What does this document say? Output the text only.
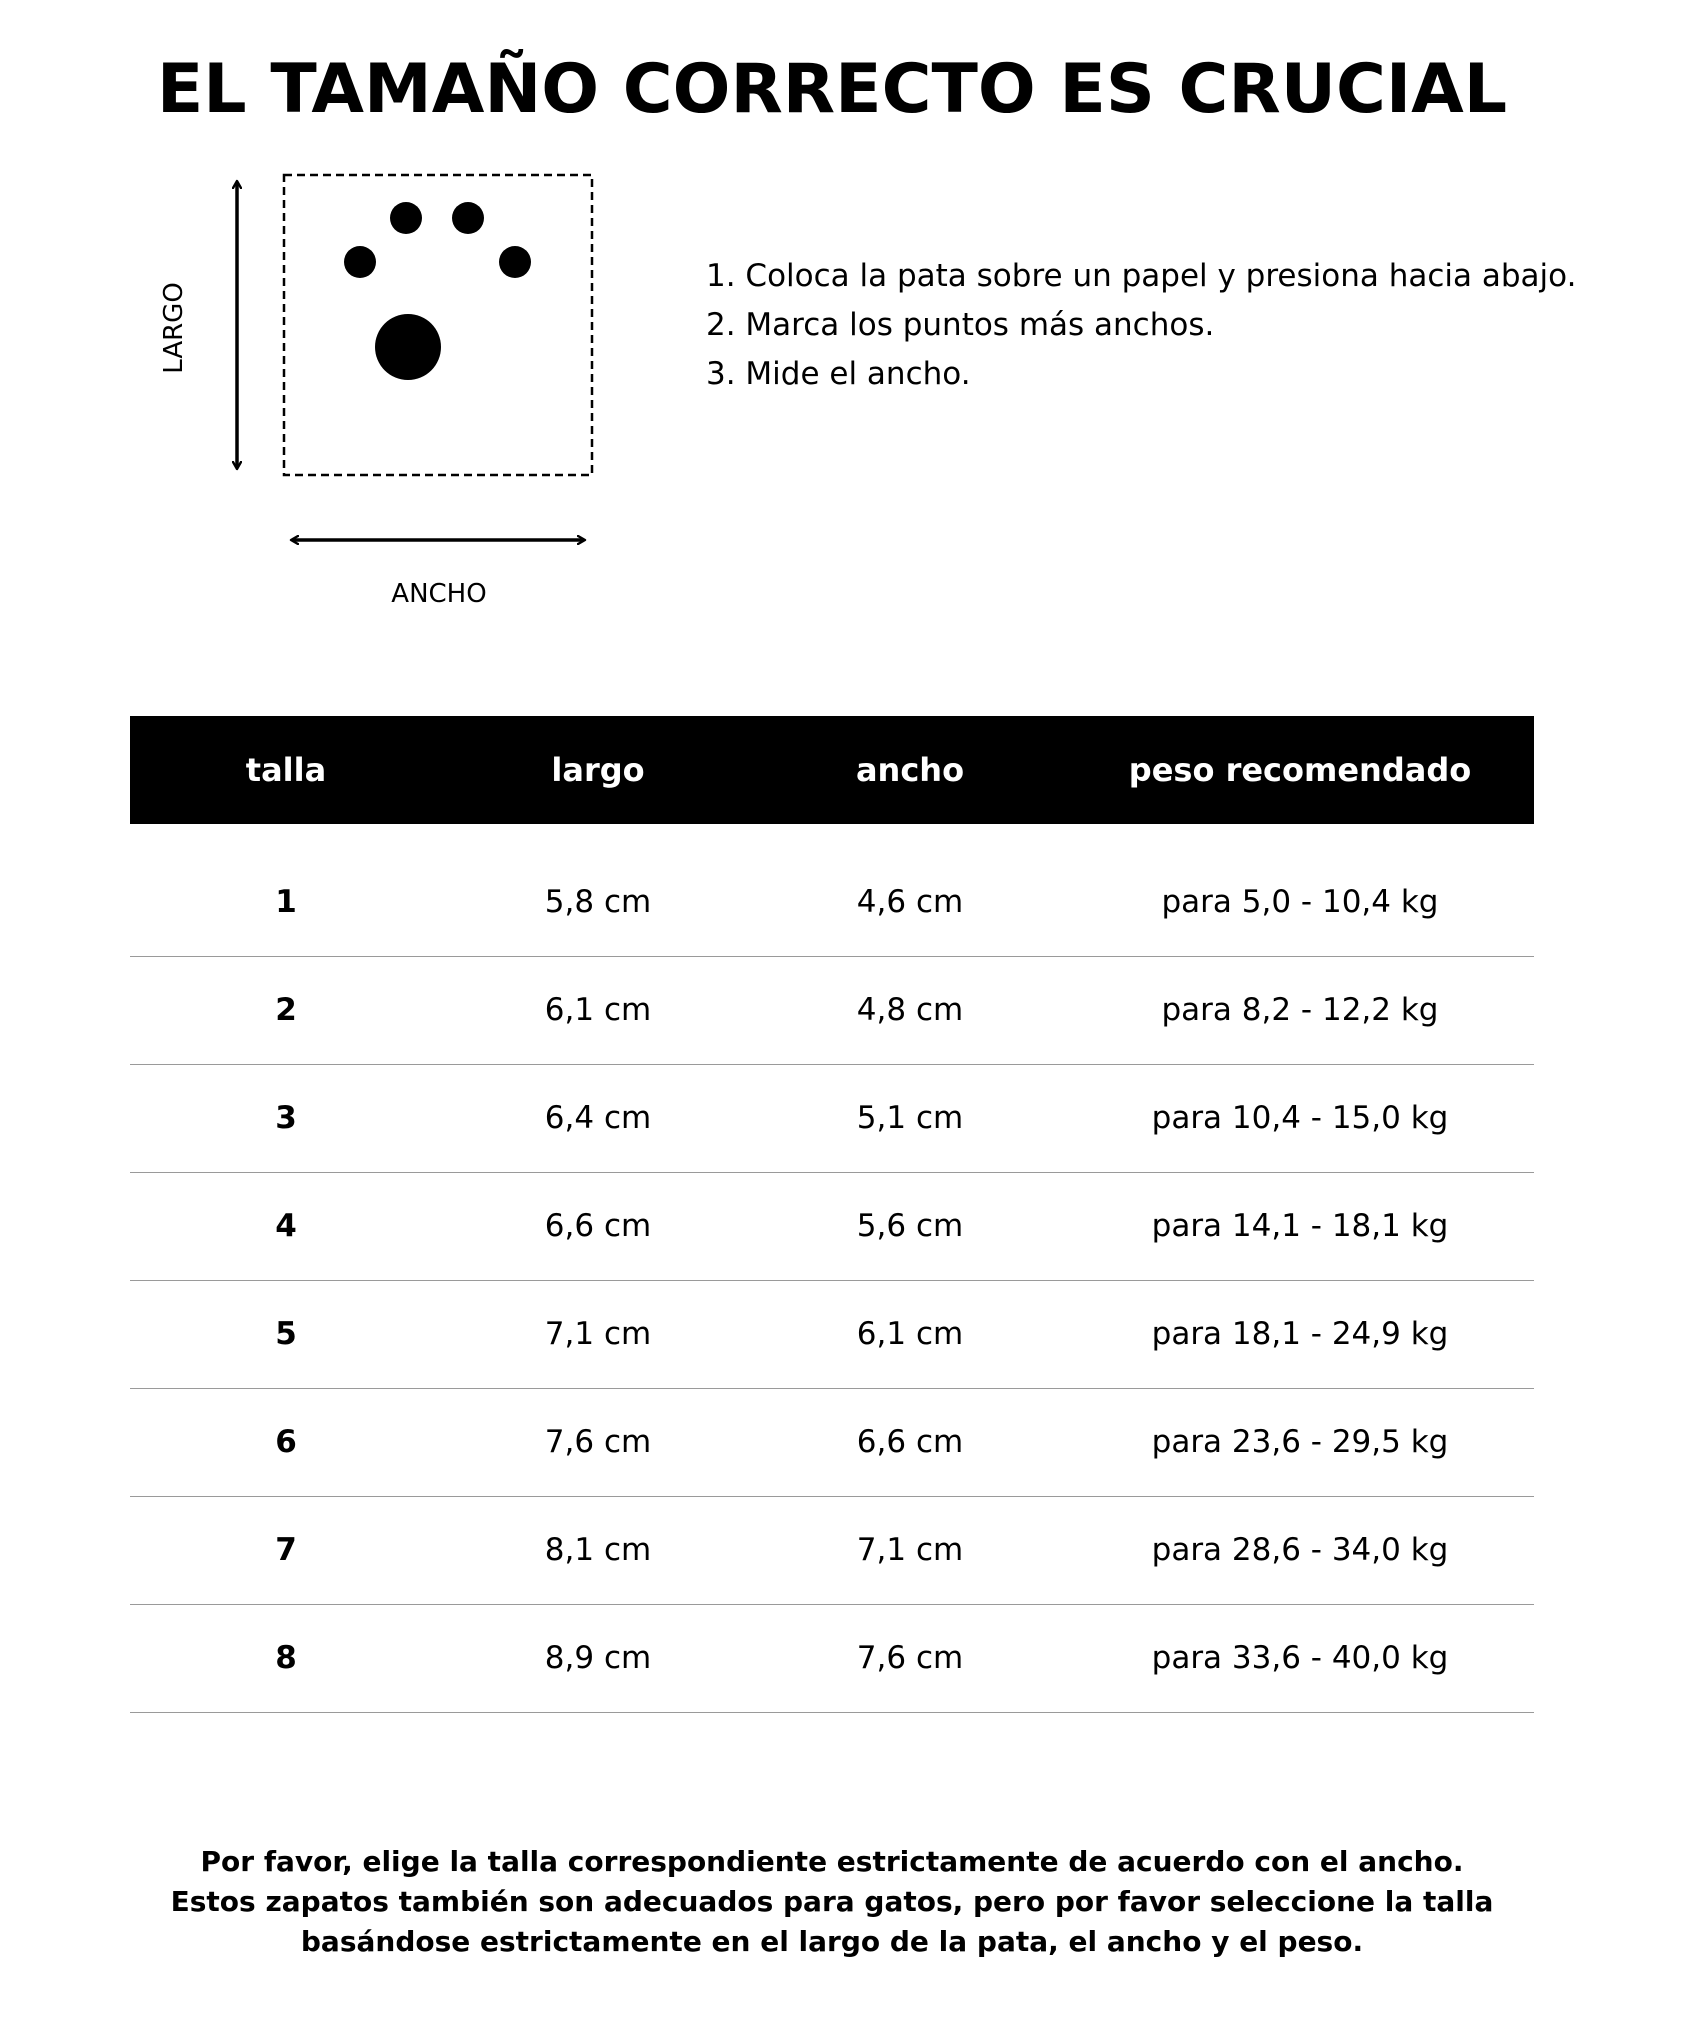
EL TAMAÑO CORRECTO ES CRUCIAL
LARGO
ANCHO
1. Coloca la pata sobre un papel y presiona hacia abajo.
2. Marca los puntos más anchos.
3. Mide el ancho.
talla	largo	ancho	peso recomendado
1	5,8 cm	4,6 cm	para 5,0 - 10,4 kg
2	6,1 cm	4,8 cm	para 8,2 - 12,2 kg
3	6,4 cm	5,1 cm	para 10,4 - 15,0 kg
4	6,6 cm	5,6 cm	para 14,1 - 18,1 kg
5	7,1 cm	6,1 cm	para 18,1 - 24,9 kg
6	7,6 cm	6,6 cm	para 23,6 - 29,5 kg
7	8,1 cm	7,1 cm	para 28,6 - 34,0 kg
8	8,9 cm	7,6 cm	para 33,6 - 40,0 kg
Por favor, elige la talla correspondiente estrictamente de acuerdo con el ancho.
Estos zapatos también son adecuados para gatos, pero por favor seleccione la talla
basándose estrictamente en el largo de la pata, el ancho y el peso.
